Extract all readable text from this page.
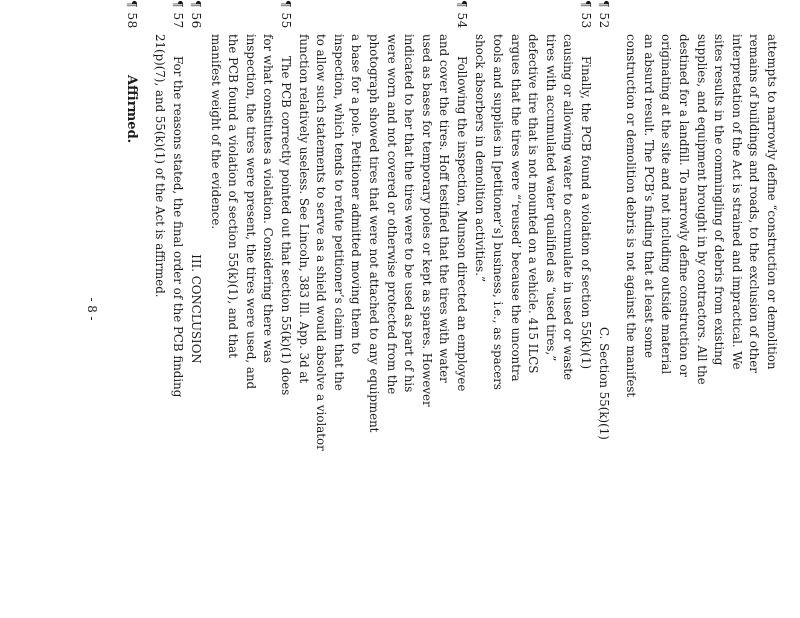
attempts to narrowly define “construction or demolition
remains of buildings and roads, to the exclusion of other
interpretation of the Act is strained and impractical. We
sites results in the commingling of debris from existing
supplies, and equipment brought in by contractors. All the
destined for a landfill. To narrowly define construction or
originating at the site and not including outside material
an absurd result. The PCB’s finding that at least some
construction or demolition debris is not against the manifest
¶ 52
C. Section 55(k)(1)
¶ 53
Finally, the PCB found a violation of section 55(k)(1)
causing or allowing water to accumulate in used or waste
tires with accumulated water qualified as “used tires,”
defective tire that is not mounted on a vehicle. 415 ILCS
argues that the tires were “‘reused’ because the uncontra
tools and supplies in [petitioner’s] business, i.e., as spacers
shock absorbers in demolition activities.”
¶ 54
Following the inspection, Munson directed an employee
and cover the tires. Hoff testified that the tires with water
used as bases for temporary poles or kept as spares. However
indicated to her that the tires were to be used as part of his
were worn and not covered or otherwise protected from the
photograph showed tires that were not attached to any equipment
a base for a pole. Petitioner admitted moving them to
inspection, which tends to refute petitioner’s claim that the
to allow such statements to serve as a shield would absolve a violator
function relatively useless. See Lincoln, 383 Ill. App. 3d at
¶ 55
The PCB correctly pointed out that section 55(k)(1) does
for what constitutes a violation. Considering there was
inspection, the tires were present, the tires were used, and
the PCB found a violation of section 55(k)(1), and that
manifest weight of the evidence.
¶ 56
III. CONCLUSION
¶ 57
For the reasons stated, the final order of the PCB finding
21(p)(7), and 55(k)(1) of the Act is affirmed.
¶ 58
Affirmed.
- 8 -
